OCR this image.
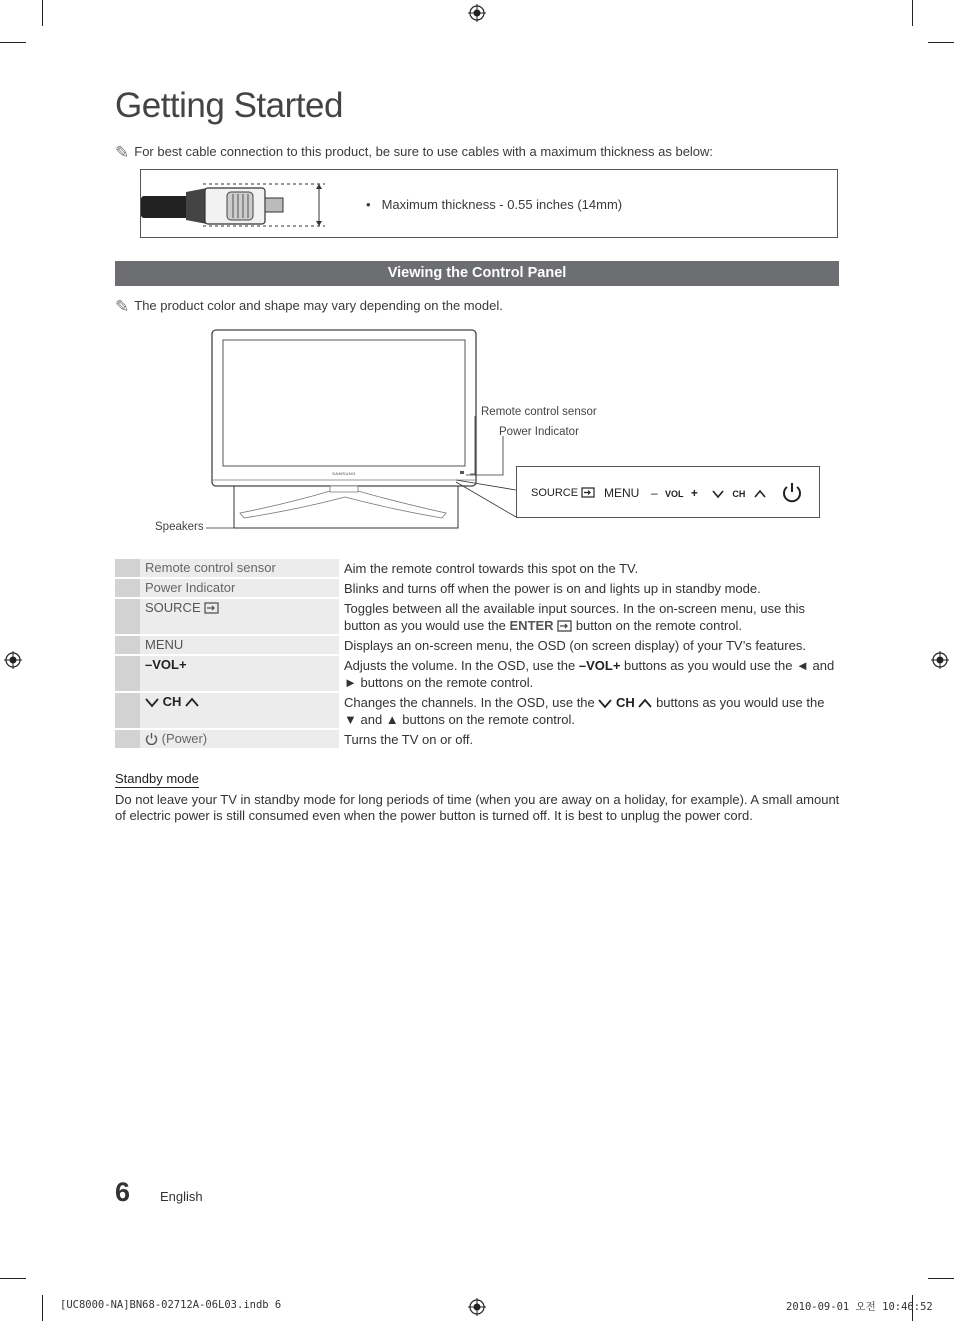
Getting Started
✎ For best cable connection to this product, be sure to use cables with a maximum thickness as below:
• Maximum thickness - 0.55 inches (14mm)
Viewing the Control Panel
✎ The product color and shape may vary depending on the model.
SAMSUNG
Remote control sensor
Power Indicator
Speakers
SOURCE	MENU – VOL +	CH
	Remote control sensor	Aim the remote control towards this spot on the TV.
	Power Indicator	Blinks and turns off when the power is on and lights up in standby mode.
	SOURCE	Toggles between all the available input sources. In the on-screen menu, use this button as you would use the ENTER button on the remote control.
	MENU	Displays an on-screen menu, the OSD (on screen display) of your TV’s features.
	–VOL+	Adjusts the volume. In the OSD, use the –VOL+ buttons as you would use the ◄ and ► buttons on the remote control.
	CH	Changes the channels. In the OSD, use the CH buttons as you would use the ▼ and ▲ buttons on the remote control.
	(Power)	Turns the TV on or off.
Standby mode
Do not leave your TV in standby mode for long periods of time (when you are away on a holiday, for example). A small amount of electric power is still consumed even when the power button is turned off. It is best to unplug the power cord.
6 English
[UC8000-NA]BN68-02712A-06L03.indb 6	2010-09-01 오전 10:46:52
